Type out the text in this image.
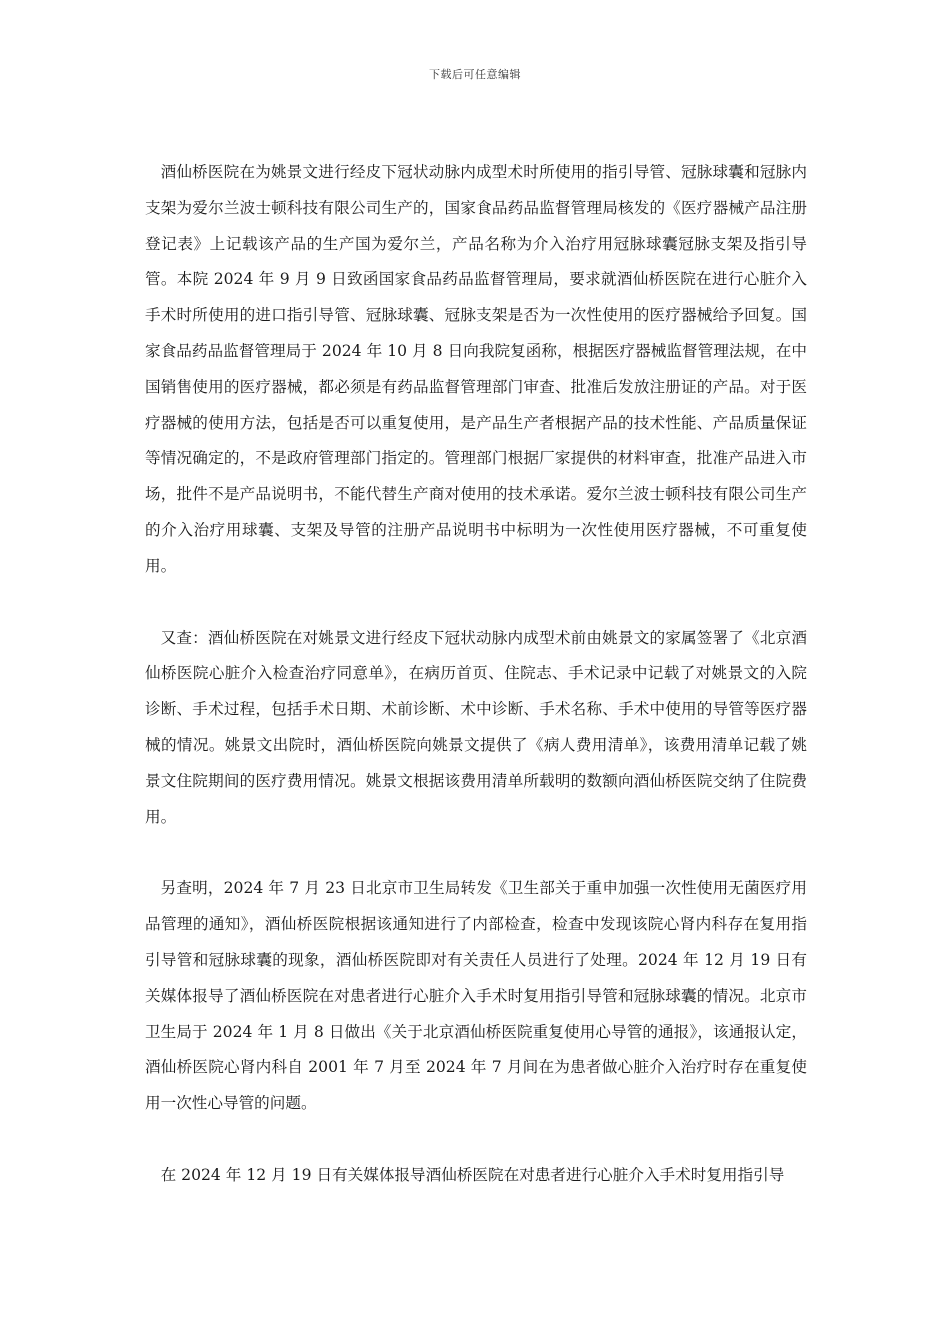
下载后可任意编辑

酒仙桥医院在为姚景文进行经皮下冠状动脉内成型术时所使用的指引导管、冠脉球囊和冠脉内支架为爱尔兰波士顿科技有限公司生产的，国家食品药品监督管理局核发的《医疗器械产品注册登记表》上记载该产品的生产国为爱尔兰，产品名称为介入治疗用冠脉球囊冠脉支架及指引导管。本院 2024 年 9 月 9 日致函国家食品药品监督管理局，要求就酒仙桥医院在进行心脏介入手术时所使用的进口指引导管、冠脉球囊、冠脉支架是否为一次性使用的医疗器械给予回复。国家食品药品监督管理局于 2024 年 10 月 8 日向我院复函称，根据医疗器械监督管理法规，在中国销售使用的医疗器械，都必须是有药品监督管理部门审查、批准后发放注册证的产品。对于医疗器械的使用方法，包括是否可以重复使用，是产品生产者根据产品的技术性能、产品质量保证等情况确定的，不是政府管理部门指定的。管理部门根据厂家提供的材料审查，批准产品进入市场，批件不是产品说明书，不能代替生产商对使用的技术承诺。爱尔兰波士顿科技有限公司生产的介入治疗用球囊、支架及导管的注册产品说明书中标明为一次性使用医疗器械，不可重复使用。

又查：酒仙桥医院在对姚景文进行经皮下冠状动脉内成型术前由姚景文的家属签署了《北京酒仙桥医院心脏介入检查治疗同意单》，在病历首页、住院志、手术记录中记载了对姚景文的入院诊断、手术过程，包括手术日期、术前诊断、术中诊断、手术名称、手术中使用的导管等医疗器械的情况。姚景文出院时，酒仙桥医院向姚景文提供了《病人费用清单》，该费用清单记载了姚景文住院期间的医疗费用情况。姚景文根据该费用清单所载明的数额向酒仙桥医院交纳了住院费用。

另查明，2024 年 7 月 23 日北京市卫生局转发《卫生部关于重申加强一次性使用无菌医疗用品管理的通知》，酒仙桥医院根据该通知进行了内部检查，检查中发现该院心肾内科存在复用指引导管和冠脉球囊的现象，酒仙桥医院即对有关责任人员进行了处理。2024 年 12 月 19 日有关媒体报导了酒仙桥医院在对患者进行心脏介入手术时复用指引导管和冠脉球囊的情况。北京市卫生局于 2024 年 1 月 8 日做出《关于北京酒仙桥医院重复使用心导管的通报》，该通报认定，酒仙桥医院心肾内科自 2001 年 7 月至 2024 年 7 月间在为患者做心脏介入治疗时存在重复使用一次性心导管的问题。

在 2024 年 12 月 19 日有关媒体报导酒仙桥医院在对患者进行心脏介入手术时复用指引导
